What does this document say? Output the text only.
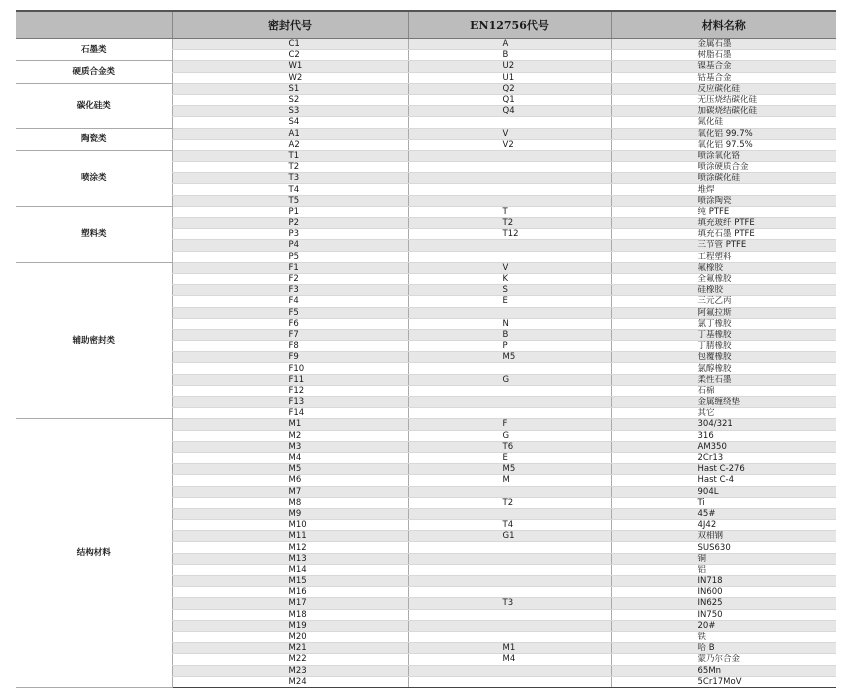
	密封代号	EN12756代号	材料名称
石墨类	C1	A	金属石墨
	C2	B	树脂石墨
硬质合金类	W1	U2	镍基合金
	W2	U1	钴基合金
碳化硅类	S1	Q2	反应碳化硅
	S2	Q1	无压烧结碳化硅
	S3	Q4	加碳烧结碳化硅
	S4		氮化硅
陶瓷类	A1	V	氧化铝 99.7%
	A2	V2	氧化铝 97.5%
喷涂类	T1		喷涂氧化铬
	T2		喷涂硬质合金
	T3		喷涂碳化硅
	T4		堆焊
	T5		喷涂陶瓷
塑料类	P1	T	纯 PTFE
	P2	T2	填充玻纤 PTFE
	P3	T12	填充石墨 PTFE
	P4		三节管 PTFE
	P5		工程塑料
辅助密封类	F1	V	氟橡胶
	F2	K	全氟橡胶
	F3	S	硅橡胶
	F4	E	三元乙丙
	F5		阿氟拉斯
	F6	N	氯丁橡胶
	F7	B	丁基橡胶
	F8	P	丁腈橡胶
	F9	M5	包覆橡胶
	F10		氯醇橡胶
	F11	G	柔性石墨
	F12		石棉
	F13		金属缠绕垫
	F14		其它
结构材料	M1	F	304/321
	M2	G	316
	M3	T6	AM350
	M4	E	2Cr13
	M5	M5	Hast C-276
	M6	M	Hast C-4
	M7		904L
	M8	T2	Ti
	M9		45#
	M10	T4	4J42
	M11	G1	双相钢
	M12		SUS630
	M13		铜
	M14		铝
	M15		IN718
	M16		IN600
	M17	T3	IN625
	M18		IN750
	M19		20#
	M20		铁
	M21	M1	哈 B
	M22	M4	蒙乃尔合金
	M23		65Mn
	M24		5Cr17MoV
